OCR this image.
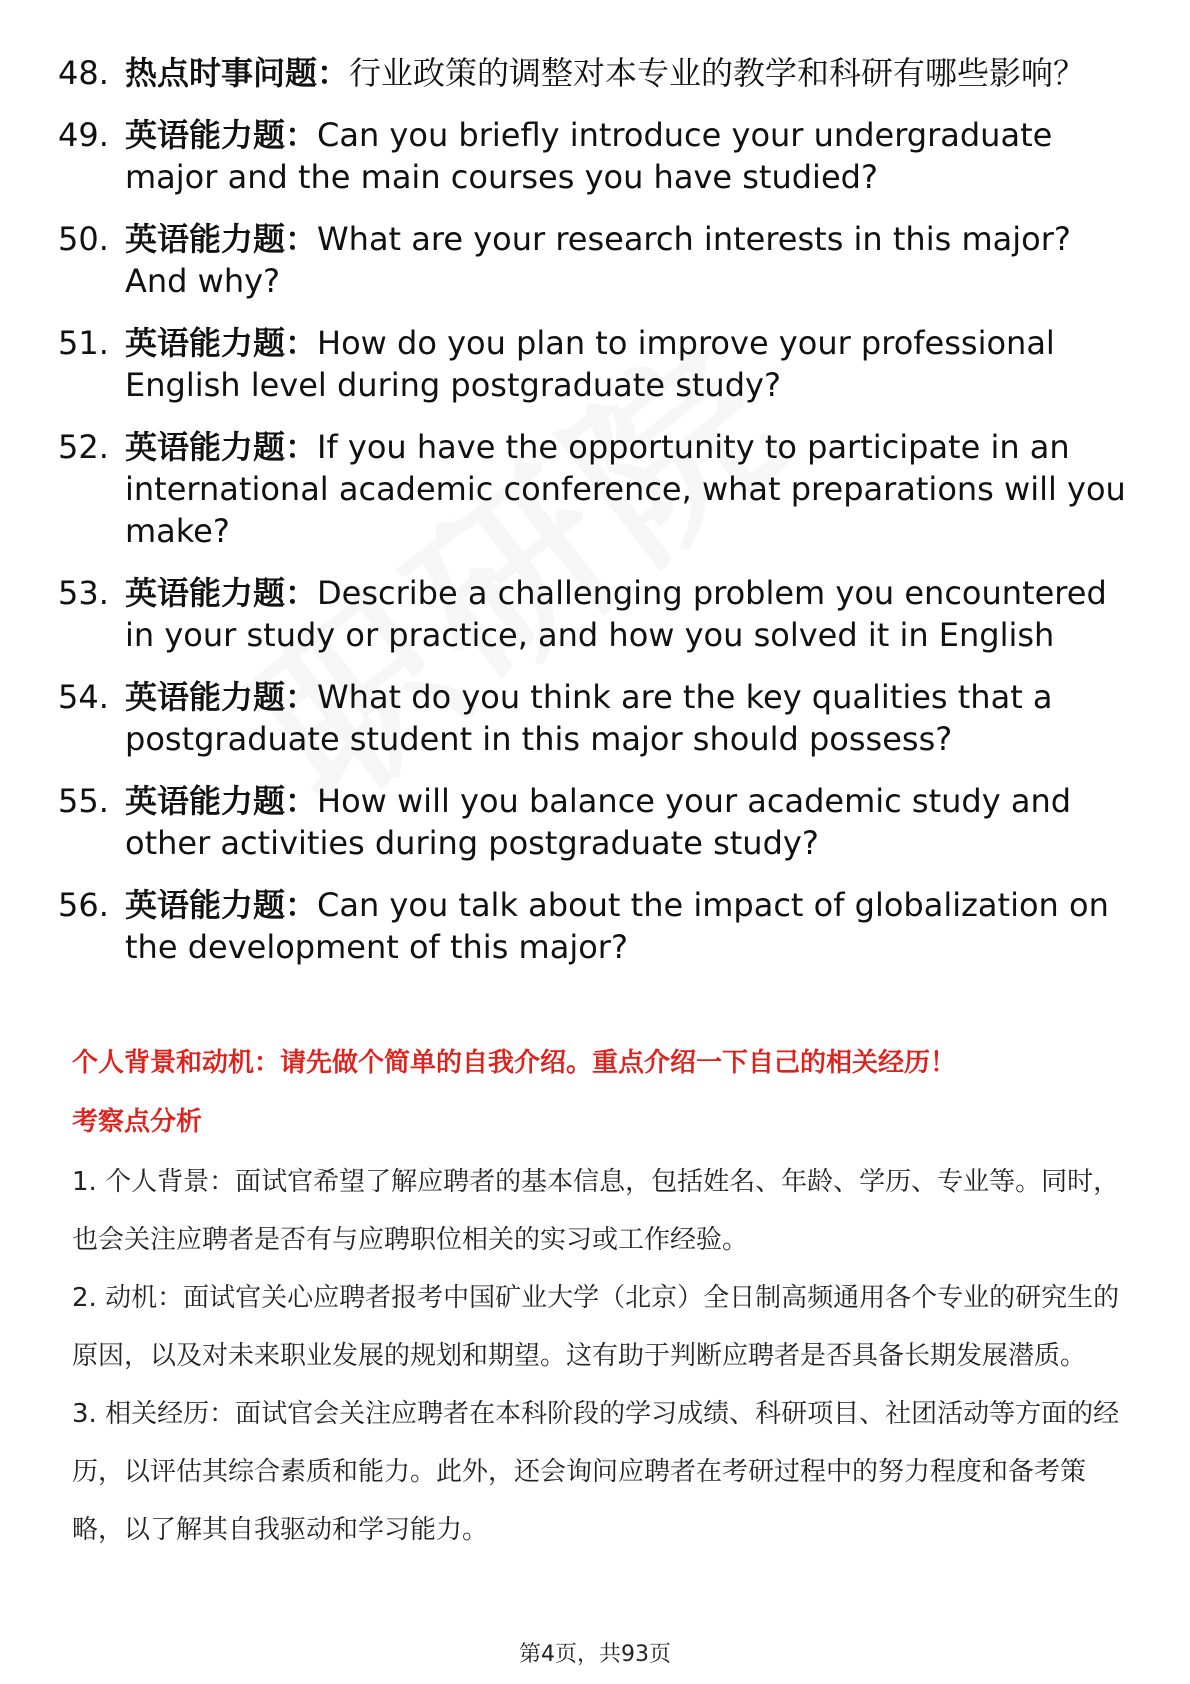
48. 热点时事问题：行业政策的调整对本专业的教学和科研有哪些影响？
49. 英语能力题：Can you briefly introduce your undergraduate major and the main courses you have studied?
50. 英语能力题：What are your research interests in this major? And why?
51. 英语能力题：How do you plan to improve your professional English level during postgraduate study?
52. 英语能力题：If you have the opportunity to participate in an international academic conference, what preparations will you make?
53. 英语能力题：Describe a challenging problem you encountered in your study or practice, and how you solved it in English
54. 英语能力题：What do you think are the key qualities that a postgraduate student in this major should possess?
55. 英语能力题：How will you balance your academic study and other activities during postgraduate study?
56. 英语能力题：Can you talk about the impact of globalization on the development of this major?
个人背景和动机：请先做个简单的自我介绍。重点介绍一下自己的相关经历！
考察点分析

1. 个人背景：面试官希望了解应聘者的基本信息，包括姓名、年龄、学历、专业等。同时，也会关注应聘者是否有与应聘职位相关的实习或工作经验。

2. 动机：面试官关心应聘者报考中国矿业大学（北京）全日制高频通用各个专业的研究生的原因，以及对未来职业发展的规划和期望。这有助于判断应聘者是否具备长期发展潜质。

3. 相关经历：面试官会关注应聘者在本科阶段的学习成绩、科研项目、社团活动等方面的经历，以评估其综合素质和能力。此外，还会询问应聘者在考研过程中的努力程度和备考策略，以了解其自我驱动和学习能力。

第4页，共93页
